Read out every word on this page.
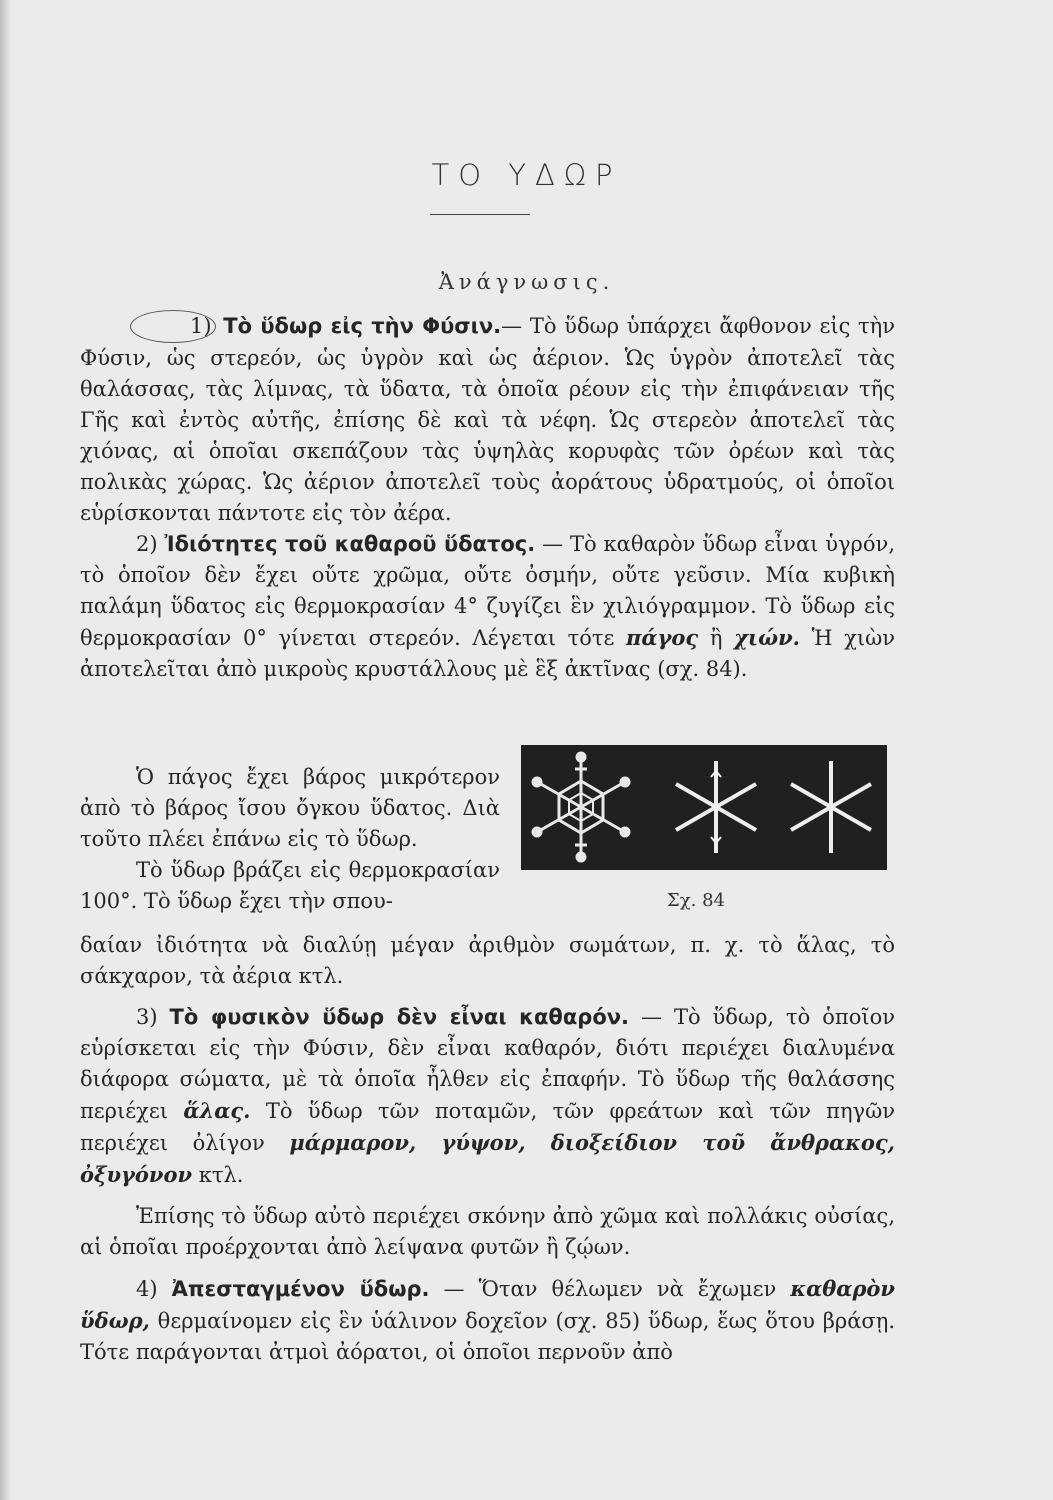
ΤΟ ΥΔΩΡ
Ἀνάγνωσις.

1) Τὸ ὕδωρ εἰς τὴν Φύσιν.— Τὸ ὕδωρ ὑπάρχει ἄφθονον εἰς τὴν Φύσιν, ὡς στερεόν, ὡς ὑγρὸν καὶ ὡς ἀέριον. Ὡς ὑγρὸν ἀποτελεῖ τὰς θαλάσσας, τὰς λίμνας, τὰ ὕδατα, τὰ ὁποῖα ρέουν εἰς τὴν ἐπιφάνειαν τῆς Γῆς καὶ ἐντὸς αὐτῆς, ἐπίσης δὲ καὶ τὰ νέφη. Ὡς στερεὸν ἀποτελεῖ τὰς χιόνας, αἱ ὁποῖαι σκεπάζουν τὰς ὑψηλὰς κορυφὰς τῶν ὀρέων καὶ τὰς πολικὰς χώρας. Ὡς ἀέριον ἀποτελεῖ τοὺς ἀοράτους ὑδρατμούς, οἱ ὁποῖοι εὑρίσκονται πάντοτε εἰς τὸν ἀέρα.

2) Ἰδιότητες τοῦ καθαροῦ ὕδατος. — Τὸ καθαρὸν ὕδωρ εἶναι ὑγρόν, τὸ ὁποῖον δὲν ἔχει οὔτε χρῶμα, οὔτε ὀσμήν, οὔτε γεῦσιν. Μία κυβικὴ παλάμη ὕδατος εἰς θερμοκρασίαν 4° ζυγίζει ἓν χιλιόγραμμον. Τὸ ὕδωρ εἰς θερμοκρασίαν 0° γίνεται στερεόν. Λέγεται τότε πάγος ἢ χιών. Ἡ χιὼν ἀποτελεῖται ἀπὸ μικροὺς κρυστάλλους μὲ ἓξ ἀκτῖνας (σχ. 84).

Ὁ πάγος ἔχει βάρος μικρότερον ἀπὸ τὸ βάρος ἴσου ὄγκου ὕδατος. Διὰ τοῦτο πλέει ἐπάνω εἰς τὸ ὕδωρ.

Τὸ ὕδωρ βράζει εἰς θερμοκρασίαν 100°. Τὸ ὕδωρ ἔχει τὴν σπου-	Σχ. 84

δαίαν ἰδιότητα νὰ διαλύῃ μέγαν ἀριθμὸν σωμάτων, π. χ. τὸ ἅλας, τὸ σάκχαρον, τὰ ἀέρια κτλ.

3) Τὸ φυσικὸν ὕδωρ δὲν εἶναι καθαρόν. — Τὸ ὕδωρ, τὸ ὁποῖον εὑρίσκεται εἰς τὴν Φύσιν, δὲν εἶναι καθαρόν, διότι περιέχει διαλυμένα διάφορα σώματα, μὲ τὰ ὁποῖα ἦλθεν εἰς ἐπαφήν. Τὸ ὕδωρ τῆς θαλάσσης περιέχει ἅλας. Τὸ ὕδωρ τῶν ποταμῶν, τῶν φρεάτων καὶ τῶν πηγῶν περιέχει ὀλίγον μάρμαρον, γύψον, διοξείδιον τοῦ ἄνθρακος, ὀξυγόνον κτλ.

Ἐπίσης τὸ ὕδωρ αὐτὸ περιέχει σκόνην ἀπὸ χῶμα καὶ πολλάκις οὐσίας, αἱ ὁποῖαι προέρχονται ἀπὸ λείψανα φυτῶν ἢ ζῴων.

4) Ἀπεσταγμένον ὕδωρ. — Ὅταν θέλωμεν νὰ ἔχωμεν καθαρὸν ὕδωρ, θερμαίνομεν εἰς ἓν ὑάλινον δοχεῖον (σχ. 85) ὕδωρ, ἕως ὅτου βράσῃ. Τότε παράγονται ἀτμοὶ ἀόρατοι, οἱ ὁποῖοι περνοῦν ἀπὸ
